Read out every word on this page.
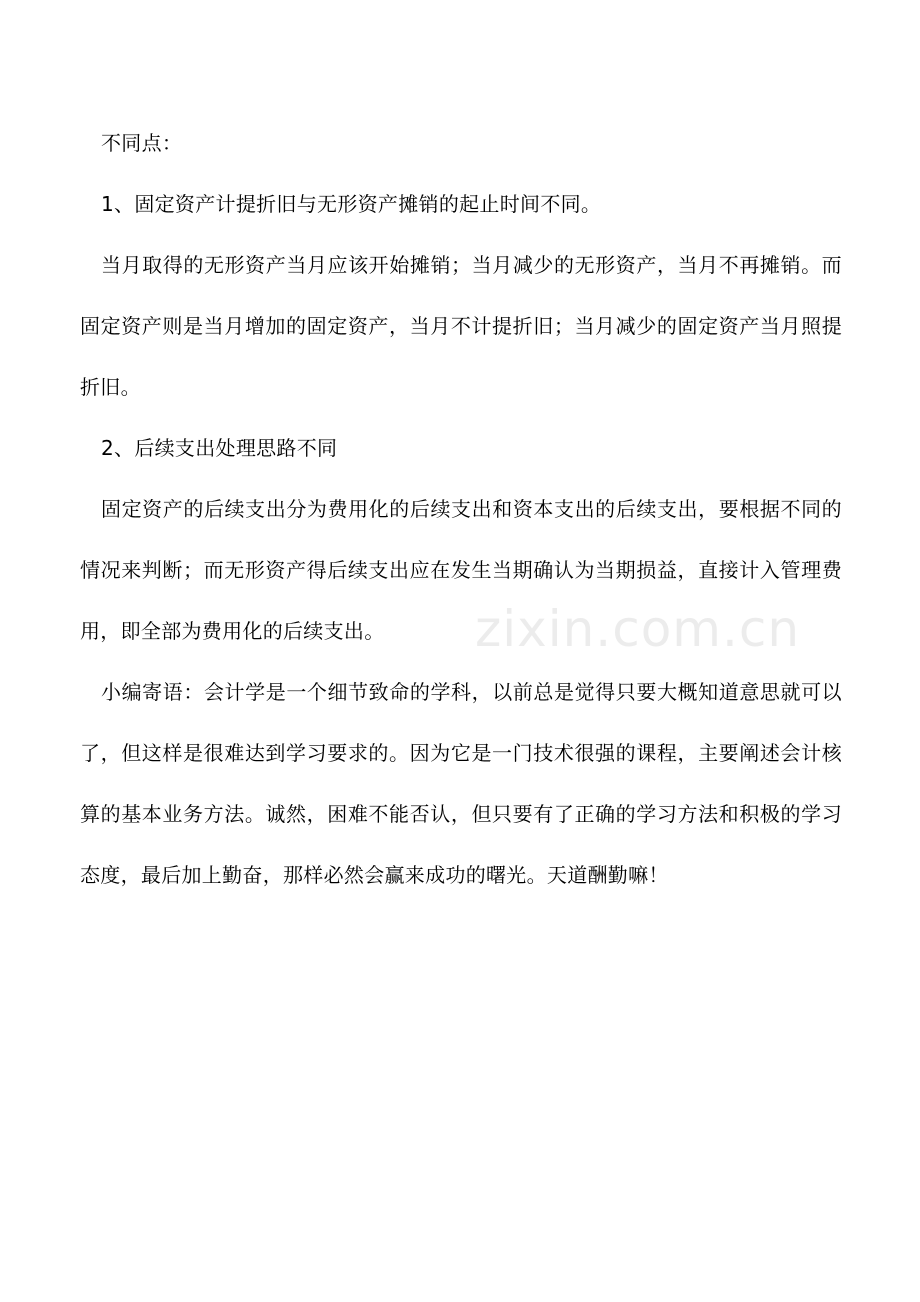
不同点：

1、固定资产计提折旧与无形资产摊销的起止时间不同。

当月取得的无形资产当月应该开始摊销；当月减少的无形资产，当月不再摊销。而固定资产则是当月增加的固定资产，当月不计提折旧；当月减少的固定资产当月照提折旧。

2、后续支出处理思路不同

固定资产的后续支出分为费用化的后续支出和资本支出的后续支出，要根据不同的情况来判断；而无形资产得后续支出应在发生当期确认为当期损益，直接计入管理费用，即全部为费用化的后续支出。

小编寄语：会计学是一个细节致命的学科，以前总是觉得只要大概知道意思就可以了，但这样是很难达到学习要求的。因为它是一门技术很强的课程，主要阐述会计核算的基本业务方法。诚然，困难不能否认，但只要有了正确的学习方法和积极的学习态度，最后加上勤奋，那样必然会赢来成功的曙光。天道酬勤嘛！

zixin.com.cn
